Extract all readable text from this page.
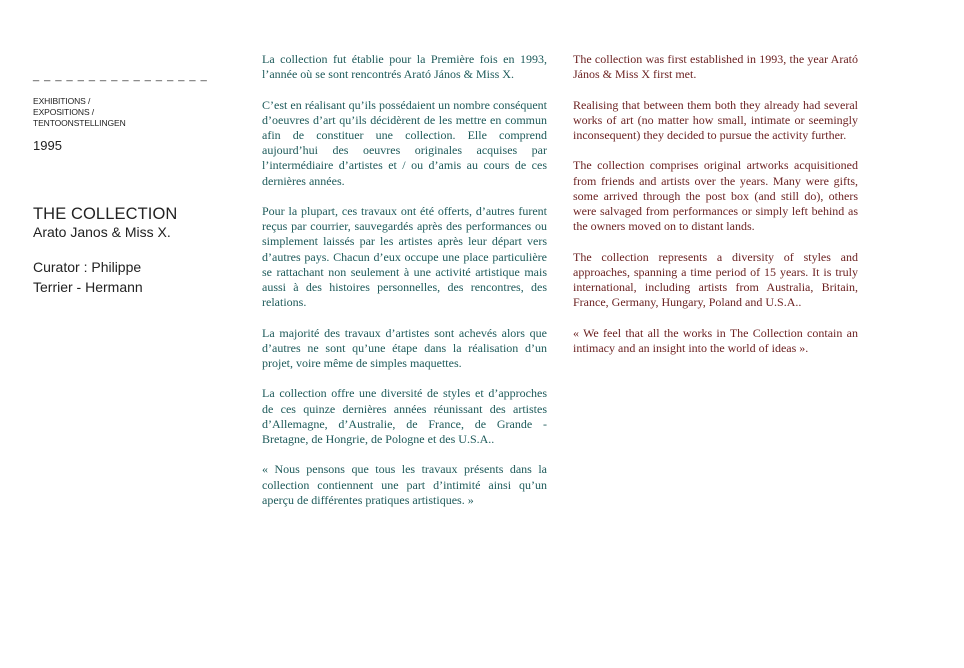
_ _ _ _ _ _ _ _ _ _ _ _ _ _ _ _
EXHIBITIONS /
EXPOSITIONS /
TENTOONSTELLINGEN
1995
THE COLLECTION
Arato Janos & Miss X.
Curator : Philippe
Terrier - Hermann

La collection fut établie pour la Première fois en 1993, l’année où se sont rencontrés Arató János & Miss X.

C’est en réalisant qu’ils possédaient un nombre conséquent d’oeuvres d’art qu’ils décidèrent de les mettre en commun afin de constituer une collection. Elle comprend aujourd’hui des oeuvres originales acquises par l’intermédiaire d’artistes et / ou d’amis au cours de ces dernières années.

Pour la plupart, ces travaux ont été offerts, d’autres furent reçus par courrier, sauvegardés après des performances ou simplement laissés par les artistes après leur départ vers d’autres pays. Chacun d’eux occupe une place particulière se rattachant non seulement à une activité artistique mais aussi à des histoires personnelles, des rencontres, des relations.

La majorité des travaux d’artistes sont achevés alors que d’autres ne sont qu’une étape dans la réalisation d’un projet, voire même de simples maquettes.

La collection offre une diversité de styles et d’approches de ces quinze dernières années réunissant des artistes d’Allemagne, d’Australie, de France, de Grande - Bretagne, de Hongrie, de Pologne et des U.S.A..

« Nous pensons que tous les travaux présents dans la collection contiennent une part d’intimité ainsi qu’un aperçu de différentes pratiques artistiques. »

The collection was first established in 1993, the year Arató János & Miss X first met.

Realising that between them both they already had several works of art (no matter how small, intimate or seemingly inconsequent) they decided to pursue the activity further.

The collection comprises original artworks acquisitioned from friends and artists over the years. Many were gifts, some arrived through the post box (and still do), others were salvaged from performances or simply left behind as the owners moved on to distant lands.

The collection represents a diversity of styles and approaches, spanning a time period of 15 years. It is truly international, including artists from Australia, Britain, France, Germany, Hungary, Poland and U.S.A..

« We feel that all the works in The Collection contain an intimacy and an insight into the world of ideas ».
